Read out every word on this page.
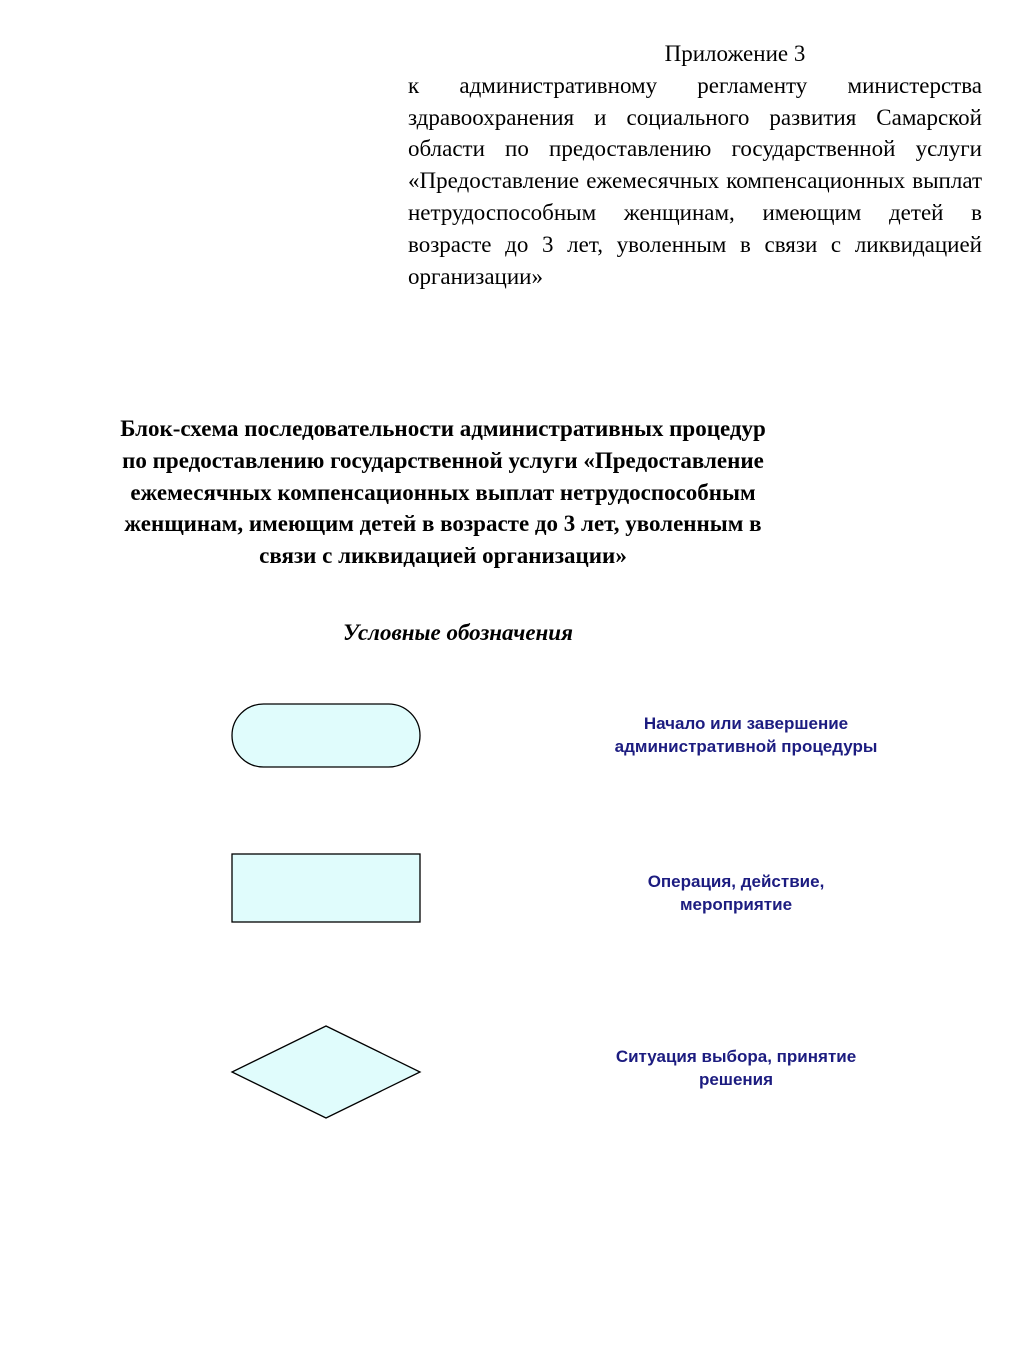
Приложение 3
к административному регламенту министерства здравоохранения и социального развития Самарской области по предоставлению государственной услуги «Предоставление ежемесячных компенсационных выплат нетрудоспособным женщинам, имеющим детей в возрасте до 3 лет, уволенным в связи с ликвидацией организации»
Блок-схема последовательности административных процедур
по предоставлению государственной услуги «Предоставление
ежемесячных компенсационных выплат нетрудоспособным
женщинам, имеющим детей в возрасте до 3 лет, уволенным в
связи с ликвидацией организации»
Условные обозначения
Начало или завершение
административной процедуры
Операция, действие,
мероприятие
Ситуация выбора, принятие
решения
